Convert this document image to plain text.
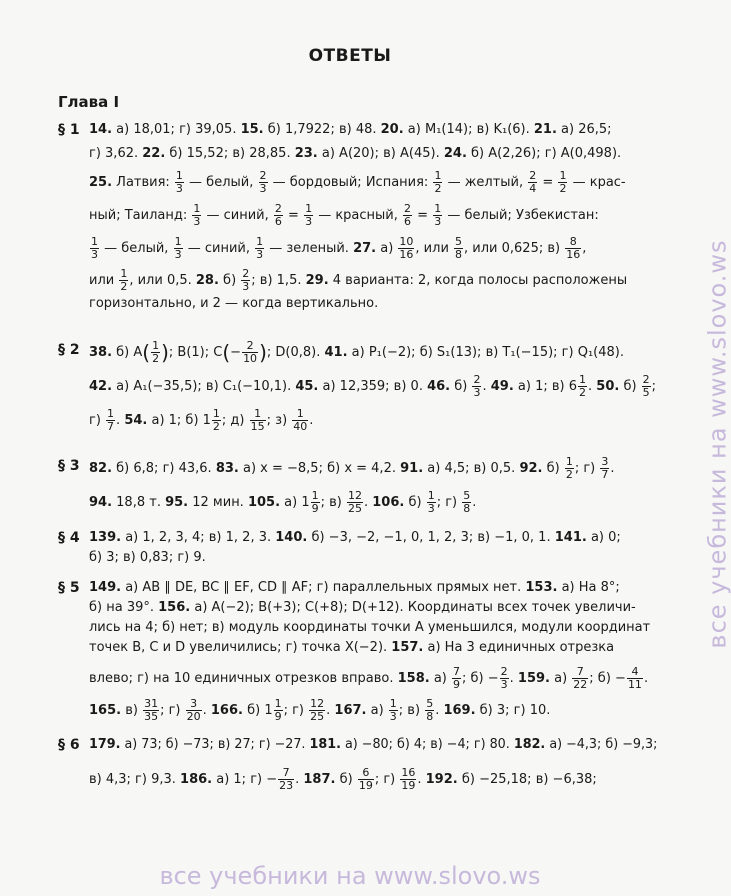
ОТВЕТЫ
Глава I
§ 1 14. а) 18,01; г) 39,05. 15. б) 1,7922; в) 48. 20. а) M₁(14); в) K₁(6). 21. а) 26,5;
г) 3,62. 22. б) 15,52; в) 28,85. 23. а) A(20); в) A(45). 24. б) A(2,26); г) A(0,498).
25. Латвия: $\frac{1}{3}$ — белый, $\frac{2}{3}$ — бордовый; Испания: $\frac{1}{2}$ — желтый, $\frac{2}{4} = \frac{1}{2}$ — крас-
ный; Таиланд: $\frac{1}{3}$ — синий, $\frac{2}{6} = \frac{1}{3}$ — красный, $\frac{2}{6} = \frac{1}{3}$ — белый; Узбекистан:
$\frac{1}{3}$ — белый, $\frac{1}{3}$ — синий, $\frac{1}{3}$ — зеленый. 27. $а) \frac{10}{16}$ , или $\frac{5}{8}$ , или 0,625; $в) \frac{8}{16}$ ,
или $\frac{1}{2}$ , или 0,5. 28. $б) \frac{2}{3}$ ; в) 1,5. 29. 4 варианта: 2, когда полосы расположены
горизонтально, и 2 — когда вертикально.
§ 2 38. б) $A( \frac{1}{2}$ ); B(1); $C(- \frac{2}{10}$ ); D(0,8). 41. а) P₁(−2); б) S₁(13); в) T₁(−15); г) Q₁(48).
42. а) A₁(−35,5); в) C₁(−10,1). 45. а) 12,359; в) 0. 46. $б) \frac{2}{3}$ . 49. а) 1; в) $6 \frac{1}{2}$ . 50. $б) \frac{2}{5}$ ;
$г) \frac{1}{7}$ . 54. а) 1; б) $1 \frac{1}{2}$ ; $д) \frac{1}{15}$ ; $з) \frac{1}{40}$ .
§ 3 82. б) 6,8; г) 43,6. 83. а) x = −8,5; б) x = 4,2. 91. а) 4,5; в) 0,5. 92. $б) \frac{1}{2}$ ; $г) \frac{3}{7}$ .
94. 18,8 т. 95. 12 мин. 105. а) $1 \frac{1}{9}$ ; $в) \frac{12}{25}$ . 106. $б) \frac{1}{3}$ ; $г) \frac{5}{8}$ .
§ 4 139. а) 1, 2, 3, 4; в) 1, 2, 3. 140. б) −3, −2, −1, 0, 1, 2, 3; в) −1, 0, 1. 141. а) 0;
б) 3; в) 0,83; г) 9.
§ 5 149. а) AB ∥ DE, BC ∥ EF, CD ∥ AF; г) параллельных прямых нет. 153. а) На 8°;
б) на 39°. 156. а) A(−2); B(+3); C(+8); D(+12). Координаты всех точек увеличи-
лись на 4; б) нет; в) модуль координаты точки A уменьшился, модули координат
точек B, C и D увеличились; г) точка X(−2). 157. а) На 3 единичных отрезка
влево; г) на 10 единичных отрезков вправо. 158. $а) \frac{7}{9}$ ; $б) - \frac{2}{3}$ . 159. $а) \frac{7}{22}$ ; $б) - \frac{4}{11}$ .
165. $в) \frac{31}{35}$ ; $г) \frac{3}{20}$ . 166. б) $1 \frac{1}{9}$ ; $г) \frac{12}{25}$ . 167. $а) \frac{1}{3}$ ; $в) \frac{5}{8}$ . 169. б) 3; г) 10.
§ 6 179. а) 73; б) −73; в) 27; г) −27. 181. а) −80; б) 4; в) −4; г) 80. 182. а) −4,3; б) −9,3;
в) 4,3; г) 9,3. 186. а) 1; $г) - \frac{7}{23}$ . 187. $б) \frac{6}{19}$ ; $г) \frac{16}{19}$ . 192. б) −25,18; в) −6,38;
все учебники на www.slovo.ws
все учебники на www.slovo.ws
